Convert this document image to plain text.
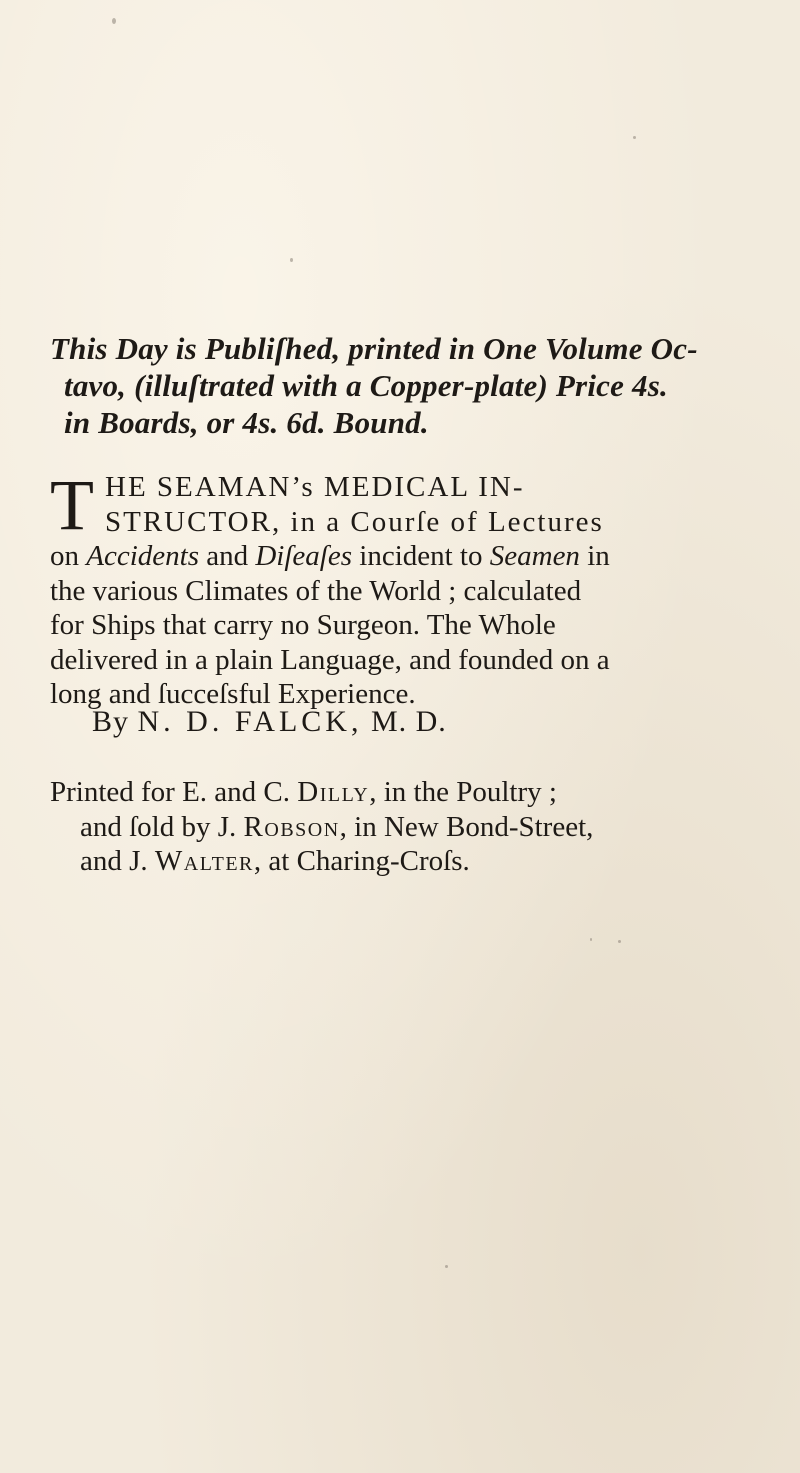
This Day is Publiſhed, printed in One Volume Oc-
tavo, (illuſtrated with a Copper-plate) Price 4s.
in Boards, or 4s. 6d. Bound.
T HE SEAMAN’s MEDICAL IN-
STRUCTOR, in a Courſe of Lectures
on Accidents and Diſeaſes incident to Seamen in
the various Climates of the World ; calculated
for Ships that carry no Surgeon. The Whole
delivered in a plain Language, and founded on a
long and ſucceſsful Experience.
By N. D. FALCK, M. D.
Printed for E. and C. Dilly, in the Poultry ;
and ſold by J. Robson, in New Bond-Street,
and J. Walter, at Charing-Croſs.
